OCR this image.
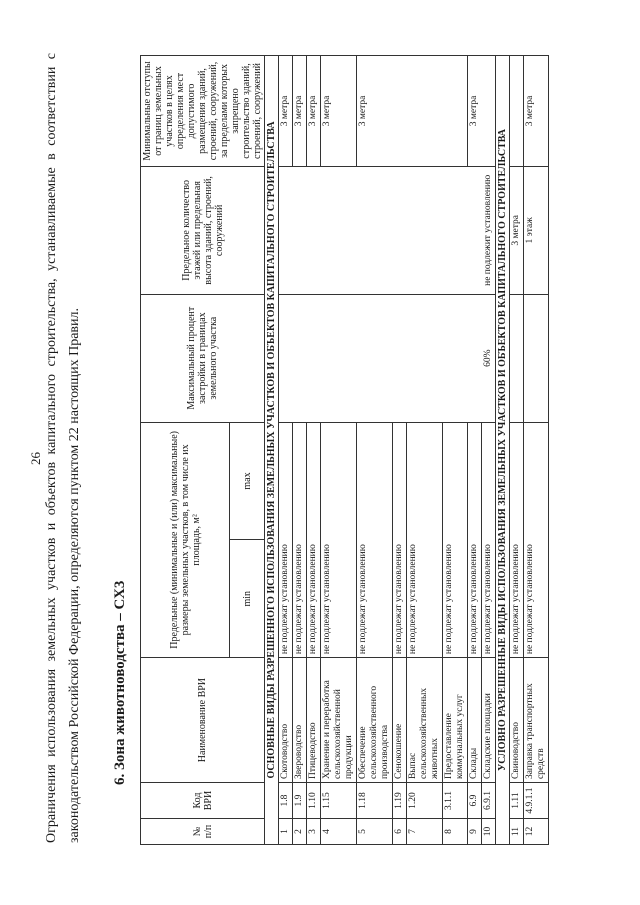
26 Ограничения использования земельных участков и объектов капитального строительства, устанавливаемые в соответствии с законодательством Российской Федерации, определяются пунктом 22 настоящих Правил. 6. Зона животноводства – СХ3
№ п/п	Код ВРИ	Наименование ВРИ	Предельные (минимальные и (или) максимальные) размеры земельных участков, в том числе их площадь, м²		Максимальный процент застройки в границах земельного участка	Предельное количество этажей или предельная высота зданий, строений, сооружений	Минимальные отступы от границ земельных участков в целях определения мест допустимого размещения зданий, строений, сооружений, за пределами которых запрещено строительство зданий, строений, сооружений
			min	max			
ОСНОВНЫЕ ВИДЫ РАЗРЕШЕННОГО ИСПОЛЬЗОВАНИЯ ЗЕМЕЛЬНЫХ УЧАСТКОВ И ОБЪЕКТОВ КАПИТАЛЬНОГО СТРОИТЕЛЬСТВА							
1	1.8	Скотоводство	не подлежат установлению		60%	не подлежит установлению	3 метра
2	1.9	Звероводство	не подлежат установлению				3 метра
3	1.10	Птицеводство	не подлежат установлению				3 метра
4	1.15	Хранение и переработка сельскохозяйственной продукции	не подлежат установлению				3 метра
5	1.18	Обеспечение сельскохозяйственного производства	не подлежат установлению				3 метра
6	1.19	Сенокошение	не подлежат установлению				
7	1.20	Выпас сельскохозяйственных животных	не подлежат установлению				
8	3.1.1	Предоставление коммунальных услуг	не подлежат установлению				
9	6.9	Склады	не подлежат установлению				3 метра
10	6.9.1	Складские площадки	не подлежат установлению				
УСЛОВНО РАЗРЕШЕННЫЕ ВИДЫ ИСПОЛЬЗОВАНИЯ ЗЕМЕЛЬНЫХ УЧАСТКОВ И ОБЪЕКТОВ КАПИТАЛЬНОГО СТРОИТЕЛЬСТВА							
11	1.11	Свиноводство	не подлежат установлению			3 метра	
12	4.9.1.1	Заправка транспортных средств	не подлежат установлению			1 этаж	3 метра
